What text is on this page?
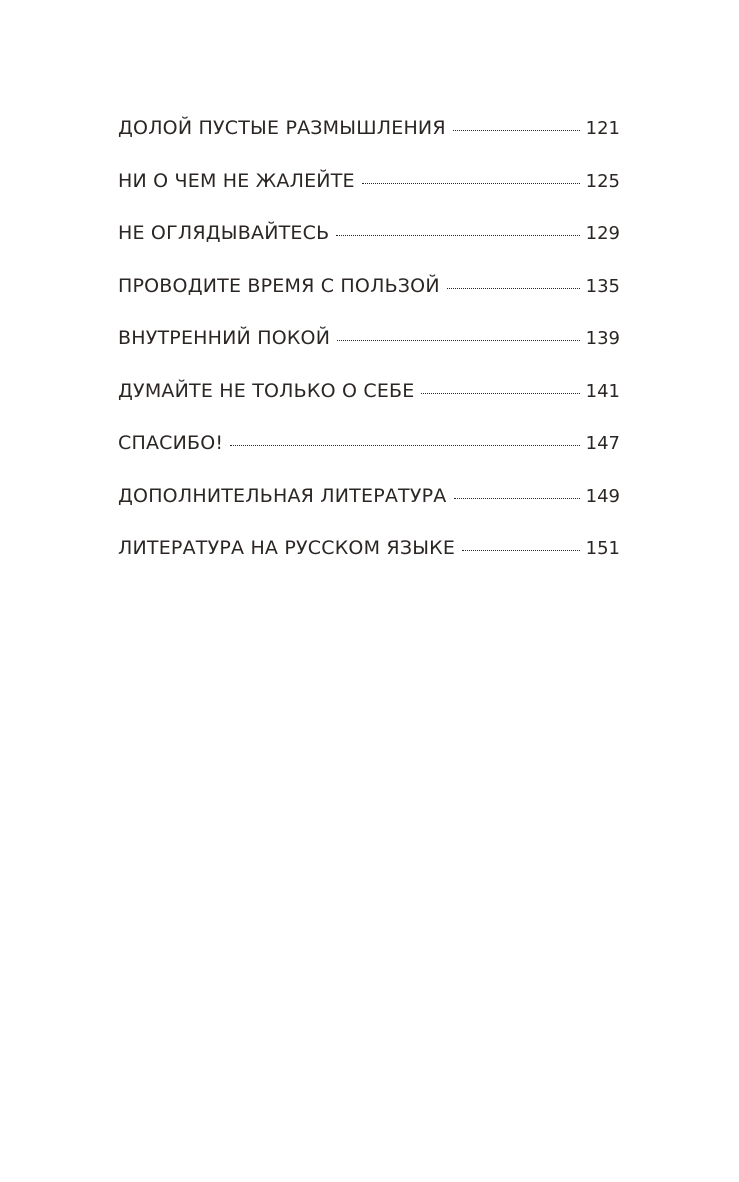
ДОЛОЙ ПУСТЫЕ РАЗМЫШЛЕНИЯ	121
НИ О ЧЕМ НЕ ЖАЛЕЙТЕ	125
НЕ ОГЛЯДЫВАЙТЕСЬ	129
ПРОВОДИТЕ ВРЕМЯ С ПОЛЬЗОЙ	135
ВНУТРЕННИЙ ПОКОЙ	139
ДУМАЙТЕ НЕ ТОЛЬКО О СЕБЕ	141
СПАСИБО!	147
ДОПОЛНИТЕЛЬНАЯ ЛИТЕРАТУРА	149
ЛИТЕРАТУРА НА РУССКОМ ЯЗЫКЕ	151
